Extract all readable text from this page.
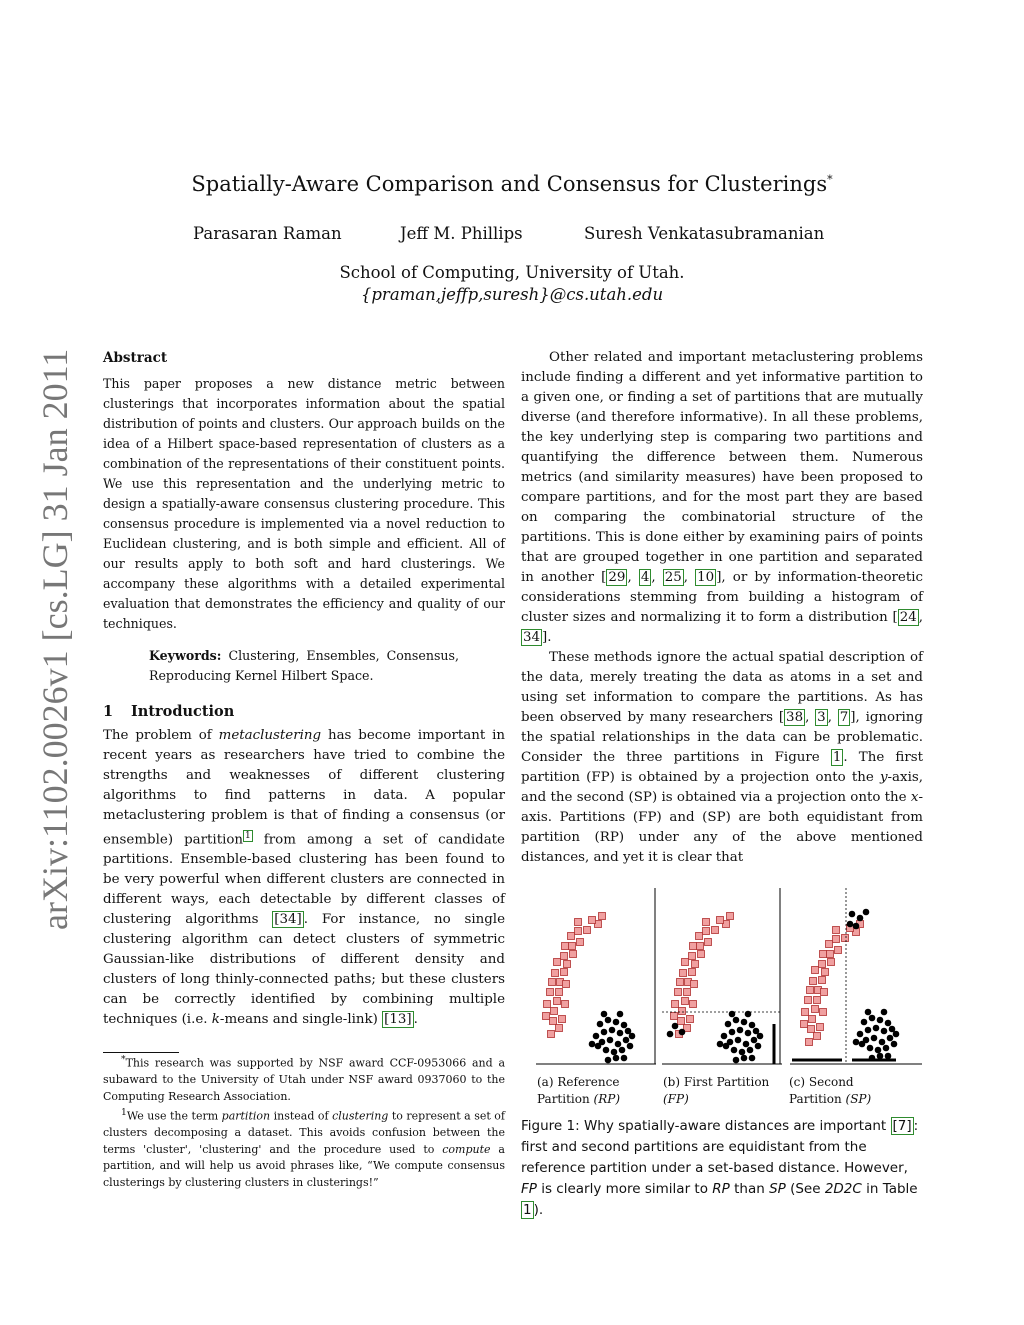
Spatially-Aware Comparison and Consensus for Clusterings*
Parasaran Raman	Jeff M. Phillips	Suresh Venkatasubramanian
School of Computing, University of Utah.
{praman,jeffp,suresh}@cs.utah.edu
arXiv:1102.0026v1 [cs.LG] 31 Jan 2011 Abstract

This paper proposes a new distance metric between clusterings that incorporates information about the spatial distribution of points and clusters. Our approach builds on the idea of a Hilbert space-based representation of clusters as a combination of the representations of their constituent points. We use this representation and the underlying metric to design a spatially-aware consensus clustering procedure. This consensus procedure is implemented via a novel reduction to Euclidean clustering, and is both simple and efficient. All of our results apply to both soft and hard clusterings. We accompany these algorithms with a detailed experimental evaluation that demonstrates the efficiency and quality of our techniques.

Keywords: Clustering, Ensembles, Consensus, Reproducing Kernel Hilbert Space.

1 Introduction

The problem of metaclustering has become important in recent years as researchers have tried to combine the strengths and weaknesses of different clustering algorithms to find patterns in data. A popular metaclustering problem is that of finding a consensus (or ensemble) partition $^1$ from among a set of candidate partitions. Ensemble-based clustering has been found to be very powerful when different clusters are connected in different ways, each detectable by different classes of clustering algorithms [34] . For instance, no single clustering algorithm can detect clusters of symmetric Gaussian-like distributions of different density and clusters of long thinly-connected paths; but these clusters can be correctly identified by combining multiple techniques (i.e. k-means and single-link) [13] .

*This research was supported by NSF award CCF-0953066 and a subaward to the University of Utah under NSF award 0937060 to the Computing Research Association.

$^1$We use the term partition instead of clustering to represent a set of clusters decomposing a dataset. This avoids confusion between the terms 'cluster', 'clustering' and the procedure used to compute a partition, and will help us avoid phrases like, “We compute consensus clusterings by clustering clusters in clusterings!”

Other related and important metaclustering problems include finding a different and yet informative partition to a given one, or finding a set of partitions that are mutually diverse (and therefore informative). In all these problems, the key underlying step is comparing two partitions and quantifying the difference between them. Numerous metrics (and similarity measures) have been proposed to compare partitions, and for the most part they are based on comparing the combinatorial structure of the partitions. This is done either by examining pairs of points that are grouped together in one partition and separated in another [ 29 , 4 , 25 , 10 ], or by information-theoretic considerations stemming from building a histogram of cluster sizes and normalizing it to form a distribution [ 24 , 34 ].

These methods ignore the actual spatial description of the data, merely treating the data as atoms in a set and using set information to compare the partitions. As has been observed by many researchers [ 38 , 3 , 7 ], ignoring the spatial relationships in the data can be problematic. Consider the three partitions in Figure 1 . The first partition (FP) is obtained by a projection onto the y-axis, and the second (SP) is obtained via a projection onto the x-axis. Partitions (FP) and (SP) are both equidistant from partition (RP) under any of the above mentioned distances, and yet it is clear that

(a) Reference Partition (RP)
(b) First Partition (FP)
(c) Second Partition (SP)
Figure 1: Why spatially-aware distances are important [7] : first and second partitions are equidistant from the reference partition under a set-based distance. However, FP is clearly more similar to RP than SP (See 2D2C in Table 1 ).
